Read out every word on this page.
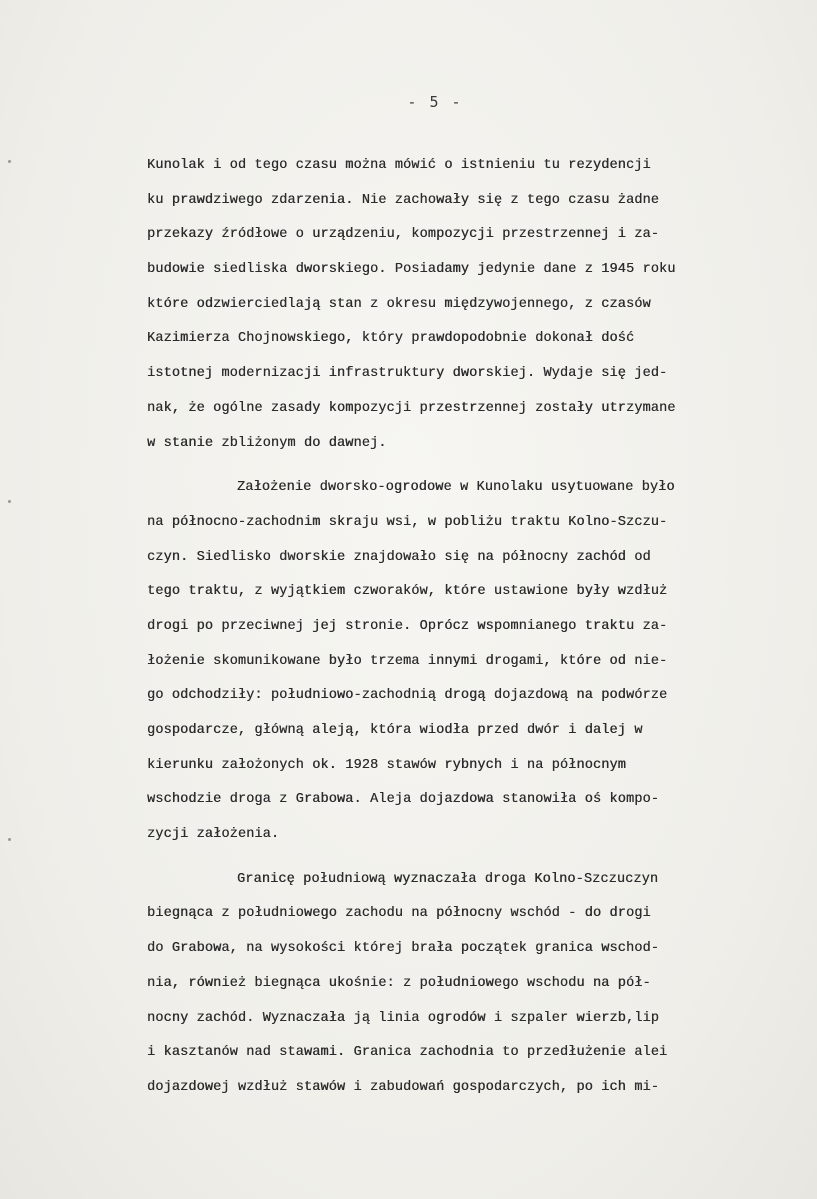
- 5 -
Kunolak i od tego czasu można mówić o istnieniu tu rezydencji
ku prawdziwego zdarzenia. Nie zachowały się z tego czasu żadne
przekazy źródłowe o urządzeniu, kompozycji przestrzennej i za-
budowie siedliska dworskiego. Posiadamy jedynie dane z 1945 roku
które odzwierciedlają stan z okresu międzywojennego, z czasów
Kazimierza Chojnowskiego, który prawdopodobnie dokonał dość
istotnej modernizacji infrastruktury dworskiej. Wydaje się jed-
nak, że ogólne zasady kompozycji przestrzennej zostały utrzymane
w stanie zbliżonym do dawnej.
Założenie dworsko-ogrodowe w Kunolaku usytuowane było
na północno-zachodnim skraju wsi, w pobliżu traktu Kolno-Szczu-
czyn. Siedlisko dworskie znajdowało się na północny zachód od
tego traktu, z wyjątkiem czworaków, które ustawione były wzdłuż
drogi po przeciwnej jej stronie. Oprócz wspomnianego traktu za-
łożenie skomunikowane było trzema innymi drogami, które od nie-
go odchodziły: południowo-zachodnią drogą dojazdową na podwórze
gospodarcze, główną aleją, która wiodła przed dwór i dalej w
kierunku założonych ok. 1928 stawów rybnych i na północnym
wschodzie droga z Grabowa. Aleja dojazdowa stanowiła oś kompo-
zycji założenia.
Granicę południową wyznaczała droga Kolno-Szczuczyn
biegnąca z południowego zachodu na północny wschód - do drogi
do Grabowa, na wysokości której brała początek granica wschod-
nia, również biegnąca ukośnie: z południowego wschodu na pół-
nocny zachód. Wyznaczała ją linia ogrodów i szpaler wierzb,lip
i kasztanów nad stawami. Granica zachodnia to przedłużenie alei
dojazdowej wzdłuż stawów i zabudowań gospodarczych, po ich mi-
